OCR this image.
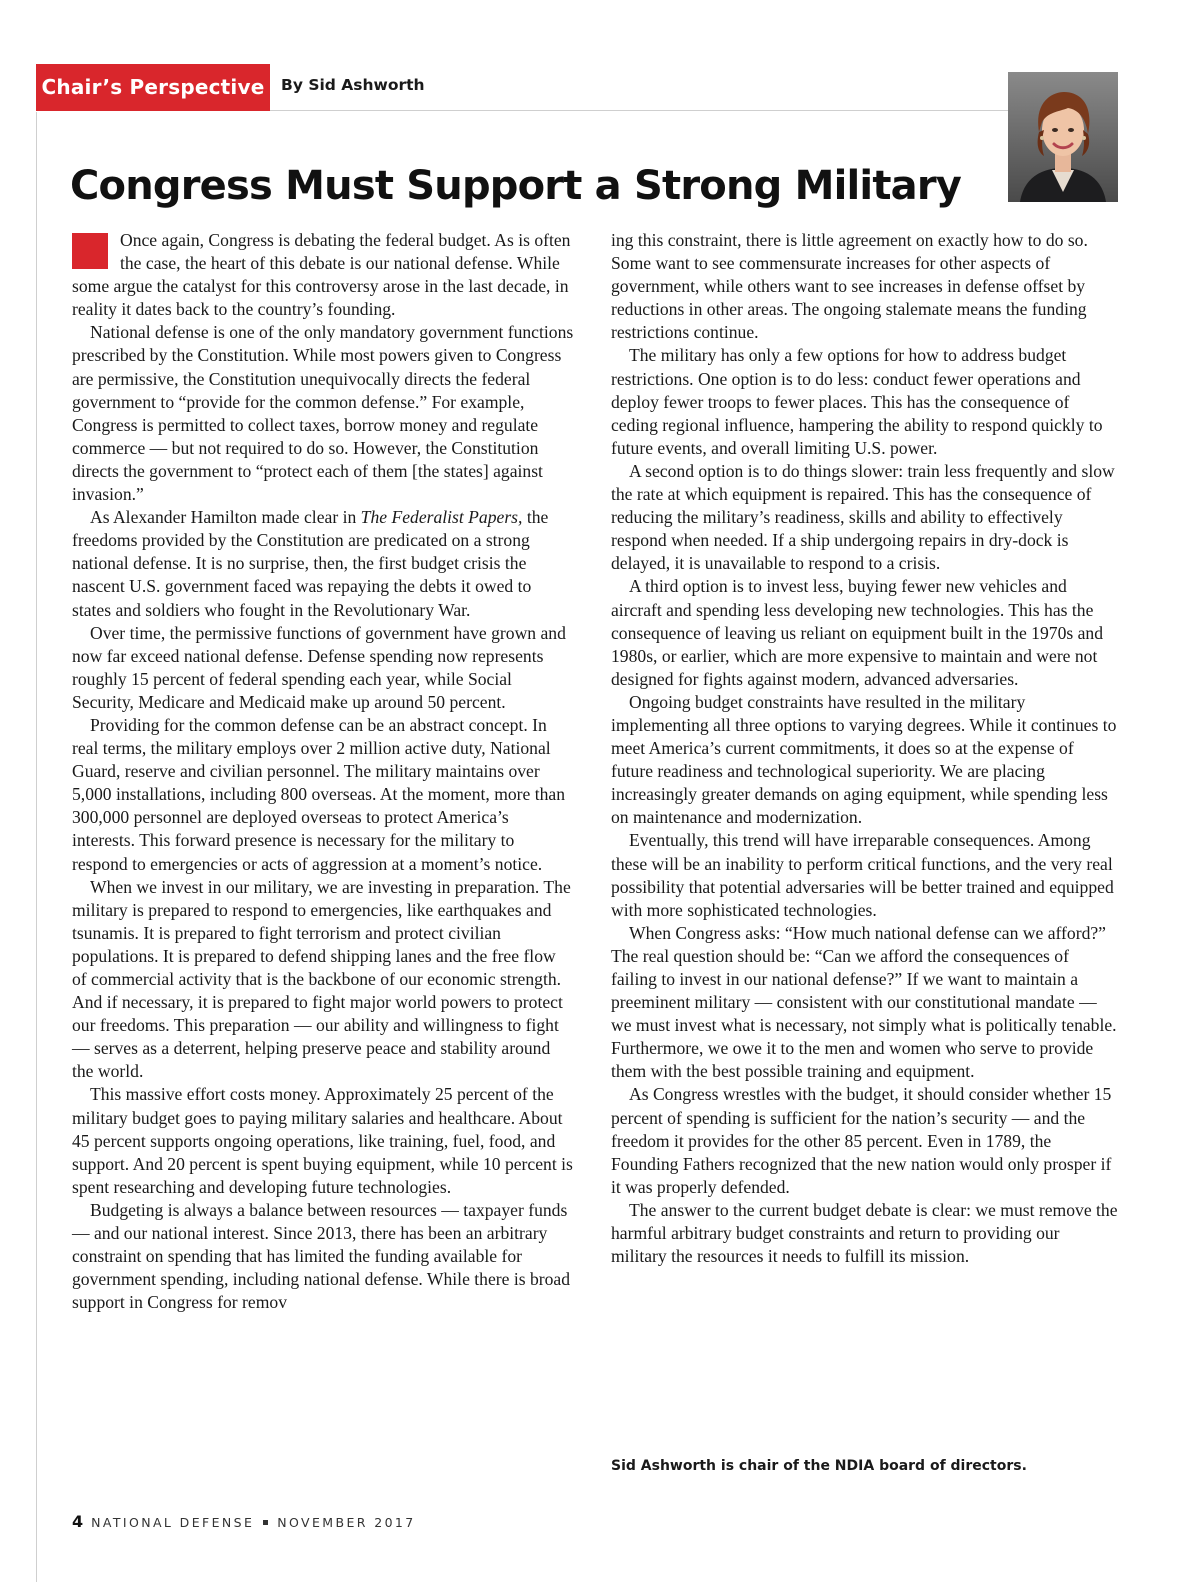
Chair’s Perspective	By Sid Ashworth
Congress Must Support a Strong Military

Once again, Congress is debating the federal budget. As is often the case, the heart of this debate is our national defense. While some argue the catalyst for this controversy arose in the last decade, in reality it dates back to the country’s founding.

National defense is one of the only mandatory government functions prescribed by the Constitution. While most powers given to Congress are permissive, the Constitution unequivocally directs the federal government to “provide for the common defense.” For example, Congress is permitted to collect taxes, borrow money and regulate commerce — but not required to do so. However, the Constitution directs the government to “protect each of them [the states] against invasion.”

As Alexander Hamilton made clear in The Federalist Papers, the freedoms provided by the Constitution are predicated on a strong national defense. It is no surprise, then, the first budget crisis the nascent U.S. government faced was repaying the debts it owed to states and soldiers who fought in the Revolutionary War.

Over time, the permissive functions of government have grown and now far exceed national defense. Defense spending now represents roughly 15 percent of federal spending each year, while Social Security, Medicare and Medicaid make up around 50 percent.

Providing for the common defense can be an abstract concept. In real terms, the military employs over 2 million active duty, National Guard, reserve and civilian personnel. The military maintains over 5,000 installations, including 800 overseas. At the moment, more than 300,000 personnel are deployed overseas to protect America’s interests. This forward presence is necessary for the military to respond to emergencies or acts of aggression at a moment’s notice.

When we invest in our military, we are investing in preparation. The military is prepared to respond to emergencies, like earthquakes and tsunamis. It is prepared to fight terrorism and protect civilian populations. It is prepared to defend shipping lanes and the free flow of commercial activity that is the backbone of our economic strength. And if necessary, it is prepared to fight major world powers to protect our freedoms. This preparation — our ability and willingness to fight — serves as a deterrent, helping preserve peace and stability around the world.

This massive effort costs money. Approximately 25 percent of the military budget goes to paying military salaries and healthcare. About 45 percent supports ongoing operations, like training, fuel, food, and support. And 20 percent is spent buying equipment, while 10 percent is spent researching and developing future technologies.

Budgeting is always a balance between resources — taxpayer funds — and our national interest. Since 2013, there has been an arbitrary constraint on spending that has limited the funding available for government spending, including national defense. While there is broad support in Congress for remov

ing this constraint, there is little agreement on exactly how to do so. Some want to see commensurate increases for other aspects of government, while others want to see increases in defense offset by reductions in other areas. The ongoing stalemate means the funding restrictions continue.

The military has only a few options for how to address budget restrictions. One option is to do less: conduct fewer operations and deploy fewer troops to fewer places. This has the consequence of ceding regional influence, hampering the ability to respond quickly to future events, and overall limiting U.S. power.

A second option is to do things slower: train less frequently and slow the rate at which equipment is repaired. This has the consequence of reducing the military’s readiness, skills and ability to effectively respond when needed. If a ship undergoing repairs in dry-dock is delayed, it is unavailable to respond to a crisis.

A third option is to invest less, buying fewer new vehicles and aircraft and spending less developing new technologies. This has the consequence of leaving us reliant on equipment built in the 1970s and 1980s, or earlier, which are more expensive to maintain and were not designed for fights against modern, advanced adversaries.

Ongoing budget constraints have resulted in the military implementing all three options to varying degrees. While it continues to meet America’s current commitments, it does so at the expense of future readiness and technological superiority. We are placing increasingly greater demands on aging equipment, while spending less on maintenance and modernization.

Eventually, this trend will have irreparable consequences. Among these will be an inability to perform critical functions, and the very real possibility that potential adversaries will be better trained and equipped with more sophisticated technologies.

When Congress asks: “How much national defense can we afford?” The real question should be: “Can we afford the consequences of failing to invest in our national defense?” If we want to maintain a preeminent military — consistent with our constitutional mandate — we must invest what is necessary, not simply what is politically tenable. Furthermore, we owe it to the men and women who serve to provide them with the best possible training and equipment.

As Congress wrestles with the budget, it should consider whether 15 percent of spending is sufficient for the nation’s security — and the freedom it provides for the other 85 percent. Even in 1789, the Founding Fathers recognized that the new nation would only prosper if it was properly defended.

The answer to the current budget debate is clear: we must remove the harmful arbitrary budget constraints and return to providing our military the resources it needs to fulfill its mission.

Sid Ashworth is chair of the NDIA board of directors.
4 NATIONAL DEFENSE NOVEMBER 2017
